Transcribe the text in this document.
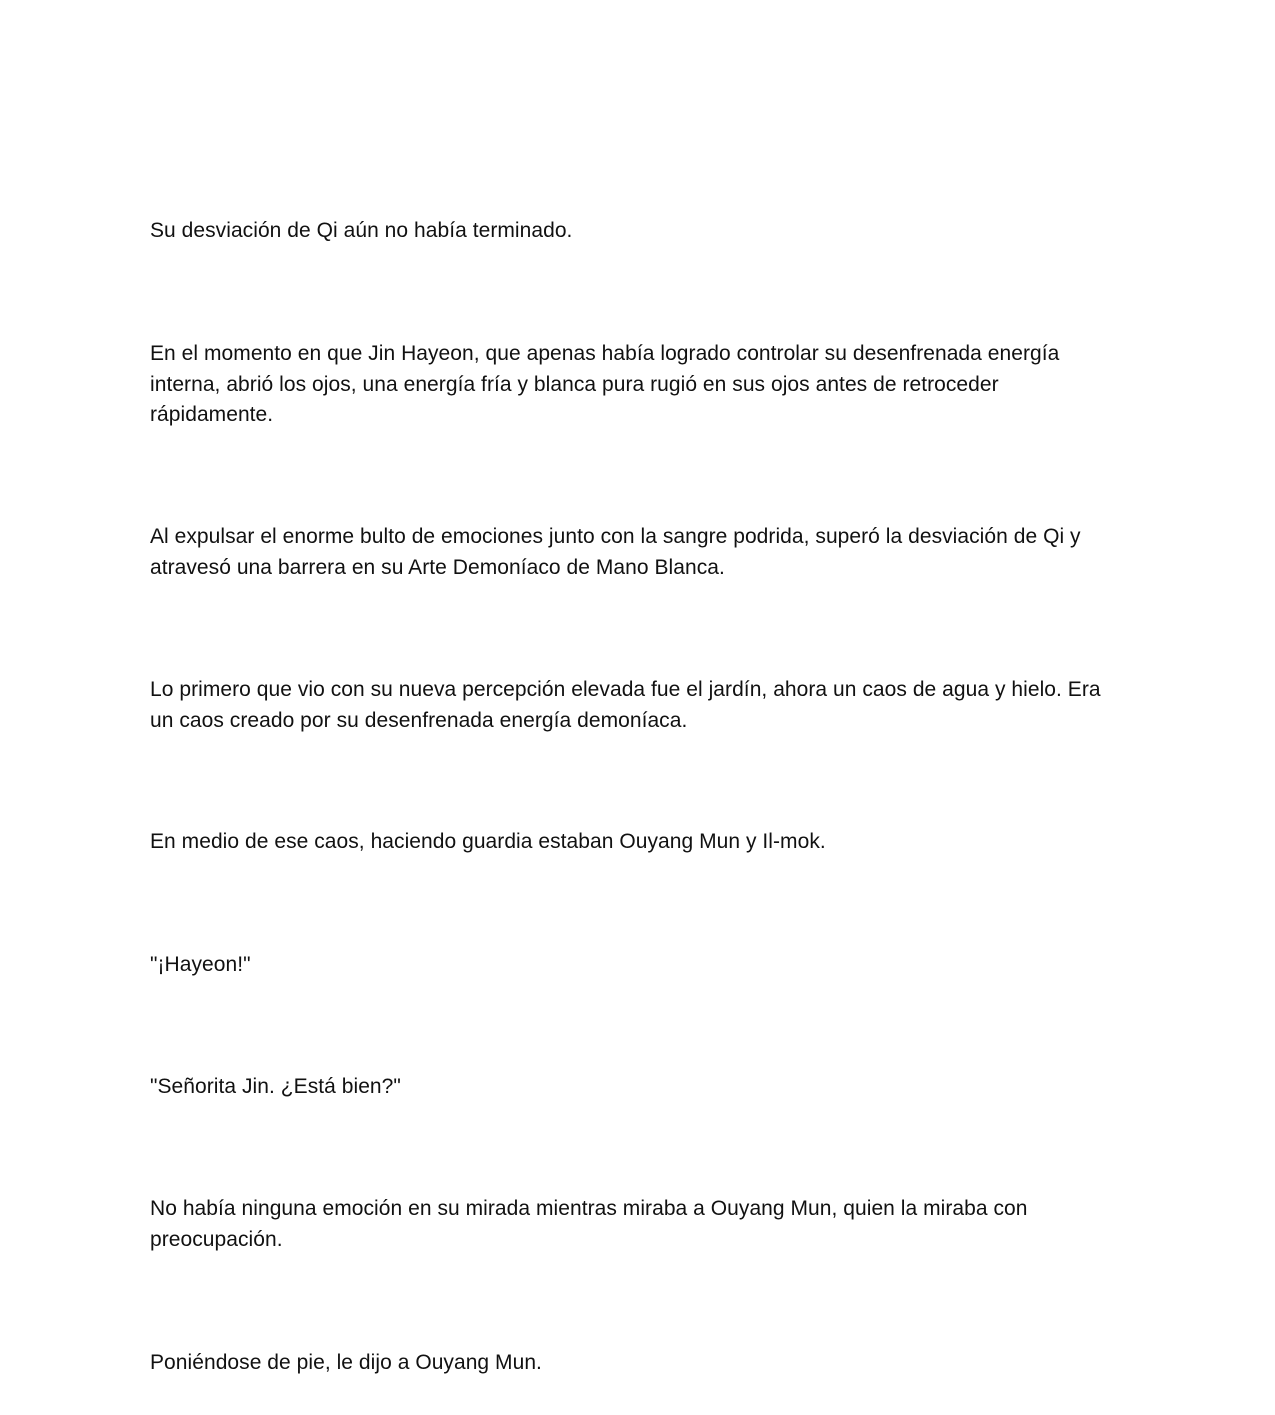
Su desviación de Qi aún no había terminado.

En el momento en que Jin Hayeon, que apenas había logrado controlar su desenfrenada energía interna, abrió los ojos, una energía fría y blanca pura rugió en sus ojos antes de retroceder rápidamente.

Al expulsar el enorme bulto de emociones junto con la sangre podrida, superó la desviación de Qi y atravesó una barrera en su Arte Demoníaco de Mano Blanca.

Lo primero que vio con su nueva percepción elevada fue el jardín, ahora un caos de agua y hielo. Era un caos creado por su desenfrenada energía demoníaca.

En medio de ese caos, haciendo guardia estaban Ouyang Mun y Il-mok.

"¡Hayeon!"

"Señorita Jin. ¿Está bien?"

No había ninguna emoción en su mirada mientras miraba a Ouyang Mun, quien la miraba con preocupación.

Poniéndose de pie, le dijo a Ouyang Mun.
